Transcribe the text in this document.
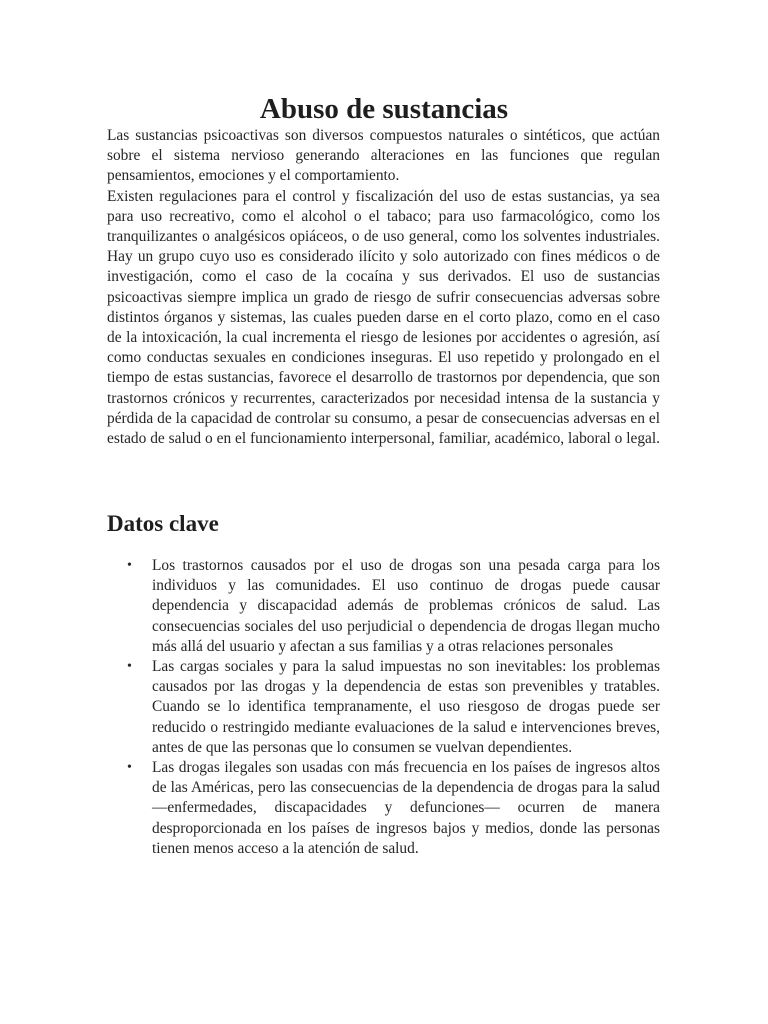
Abuso de sustancias

Las sustancias psicoactivas son diversos compuestos naturales o sintéticos, que actúan sobre el sistema nervioso generando alteraciones en las funciones que regulan pensamientos, emociones y el comportamiento.

Existen regulaciones para el control y fiscalización del uso de estas sustancias, ya sea para uso recreativo, como el alcohol o el tabaco; para uso farmacológico, como los tranquilizantes o analgésicos opiáceos, o de uso general, como los solventes industriales. Hay un grupo cuyo uso es considerado ilícito y solo autorizado con fines médicos o de investigación, como el caso de la cocaína y sus derivados. El uso de sustancias psicoactivas siempre implica un grado de riesgo de sufrir consecuencias adversas sobre distintos órganos y sistemas, las cuales pueden darse en el corto plazo, como en el caso de la intoxicación, la cual incrementa el riesgo de lesiones por accidentes o agresión, así como conductas sexuales en condiciones inseguras. El uso repetido y prolongado en el tiempo de estas sustancias, favorece el desarrollo de trastornos por dependencia, que son trastornos crónicos y recurrentes, caracterizados por necesidad intensa de la sustancia y pérdida de la capacidad de controlar su consumo, a pesar de consecuencias adversas en el estado de salud o en el funcionamiento interpersonal, familiar, académico, laboral o legal.

Datos clave
• Los trastornos causados por el uso de drogas son una pesada carga para los individuos y las comunidades. El uso continuo de drogas puede causar dependencia y discapacidad además de problemas crónicos de salud. Las consecuencias sociales del uso perjudicial o dependencia de drogas llegan mucho más allá del usuario y afectan a sus familias y a otras relaciones personales
• Las cargas sociales y para la salud impuestas no son inevitables: los problemas causados por las drogas y la dependencia de estas son prevenibles y tratables. Cuando se lo identifica tempranamente, el uso riesgoso de drogas puede ser reducido o restringido mediante evaluaciones de la salud e intervenciones breves, antes de que las personas que lo consumen se vuelvan dependientes.
• Las drogas ilegales son usadas con más frecuencia en los países de ingresos altos de las Américas, pero las consecuencias de la dependencia de drogas para la salud —enfermedades, discapacidades y defunciones— ocurren de manera desproporcionada en los países de ingresos bajos y medios, donde las personas tienen menos acceso a la atención de salud.
